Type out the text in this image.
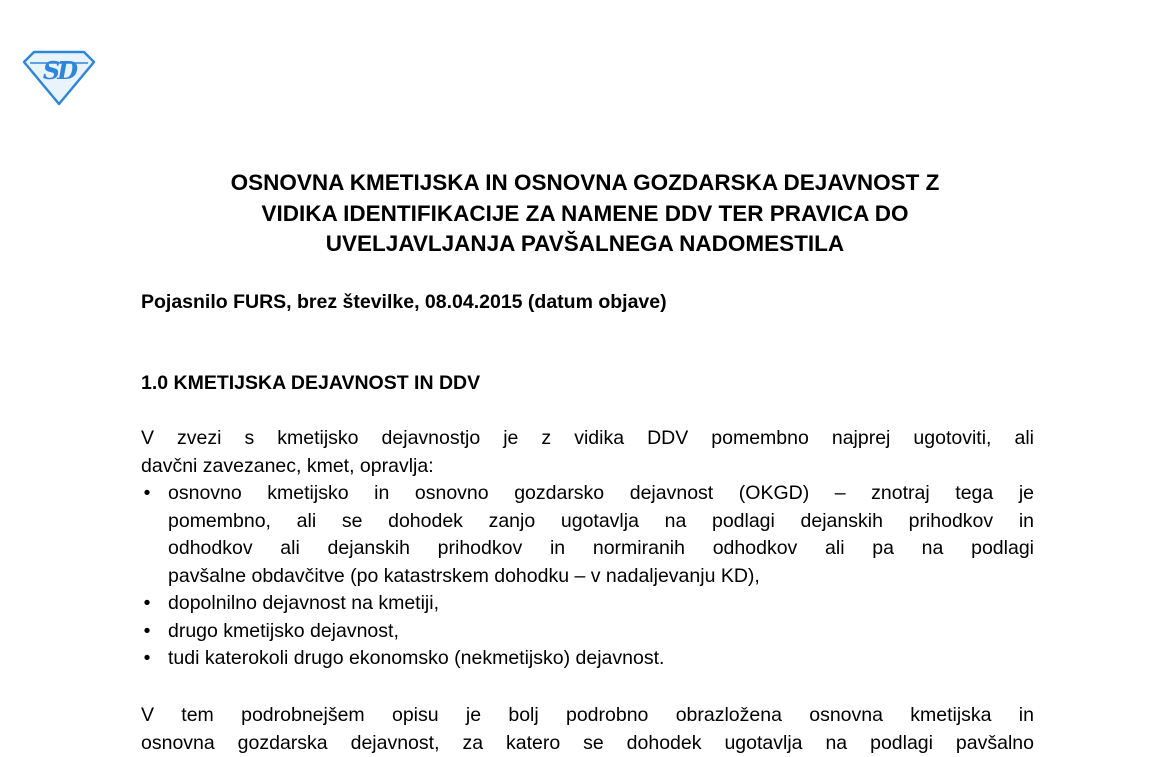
SD
OSNOVNA KMETIJSKA IN OSNOVNA GOZDARSKA DEJAVNOST Z
VIDIKA IDENTIFIKACIJE ZA NAMENE DDV TER PRAVICA DO
UVELJAVLJANJA PAVŠALNEGA NADOMESTILA
Pojasnilo FURS, brez številke, 08.04.2015 (datum objave)
1.0 KMETIJSKA DEJAVNOST IN DDV
V zvezi s kmetijsko dejavnostjo je z vidika DDV pomembno najprej ugotoviti, ali
davčni zavezanec, kmet, opravlja:
• osnovno kmetijsko in osnovno gozdarsko dejavnost (OKGD) – znotraj tega je
pomembno, ali se dohodek zanjo ugotavlja na podlagi dejanskih prihodkov in
odhodkov ali dejanskih prihodkov in normiranih odhodkov ali pa na podlagi
pavšalne obdavčitve (po katastrskem dohodku – v nadaljevanju KD),
• dopolnilno dejavnost na kmetiji,
• drugo kmetijsko dejavnost,
• tudi katerokoli drugo ekonomsko (nekmetijsko) dejavnost.
V tem podrobnejšem opisu je bolj podrobno obrazložena osnovna kmetijska in
osnovna gozdarska dejavnost, za katero se dohodek ugotavlja na podlagi pavšalno
